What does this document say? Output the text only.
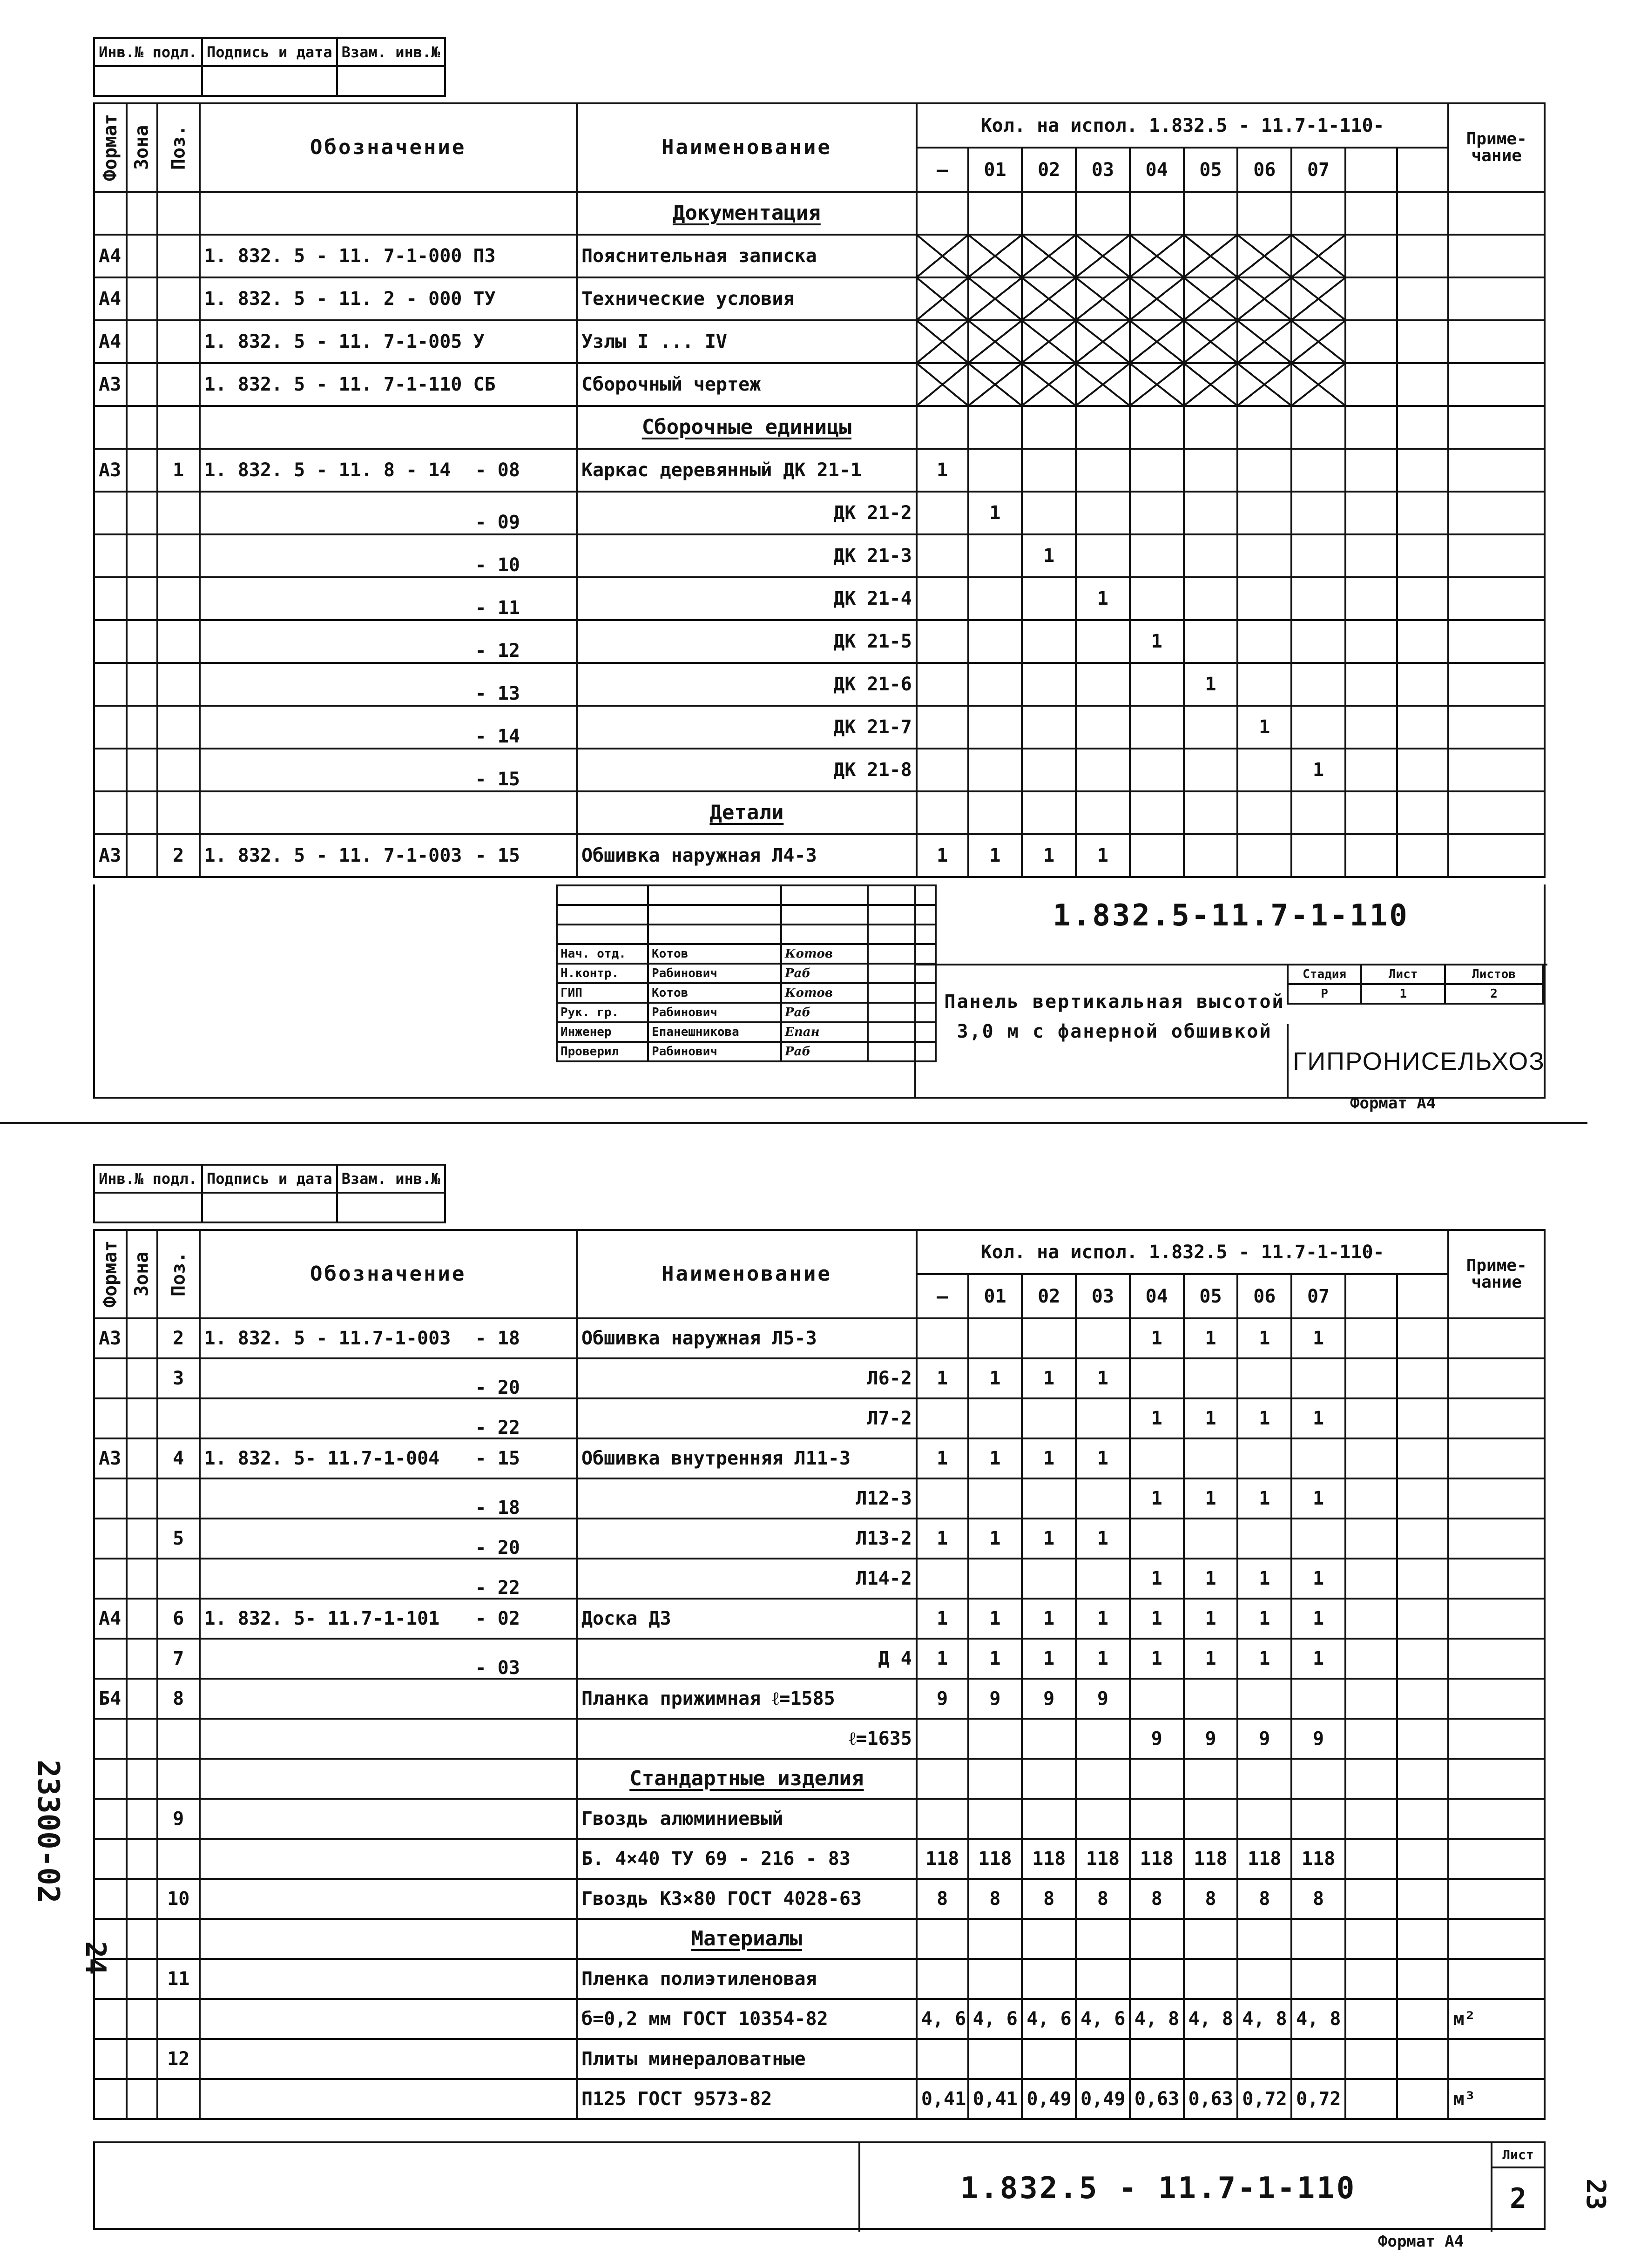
Инв.№ подл.	Подпись и дата	Взам. инв.№

Формат	Зона	Поз.	Обозначение	Наименование	Кол. на испол. 1.832.5 - 11.7-1-110-										Приме-чание
					—	01	02	03	04	05	06	07			
				Документация											
А4			1. 832. 5 - 11. 7-1-000 ПЗ	Пояснительная записка											
А4			1. 832. 5 - 11. 2 - 000 ТУ	Технические условия											
А4			1. 832. 5 - 11. 7-1-005 У	Узлы I ... IV											
А3			1. 832. 5 - 11. 7-1-110 СБ	Сборочный чертеж											
				Сборочные единицы											
А3		1	1. 832. 5 - 11. 8 - 14 - 08	Каркас деревянный ДК 21-1	1										

			- 09	ДК 21-2		1									

			- 10	ДК 21-3			1								

			- 11	ДК 21-4				1							

			- 12	ДК 21-5					1						

			- 13	ДК 21-6						1					

			- 14	ДК 21-7							1				

			- 15	ДК 21-8								1			
				Детали											
А3		2	1. 832. 5 - 11. 7-1-003 - 15	Обшивка наружная Л4-3	1	1	1	1							

Нач. отд.	Котов	Котов	
Н.контр.	Рабинович	Раб	
ГИП	Котов	Котов	
Рук. гр.	Рабинович	Раб	
Инженер	Епанешникова	Епан	
Проверил	Рабинович	Раб	
1.832.5-11.7-1-110
Панель вертикальная высотой 3,0 м с фанерной обшивкой
Стадия	Лист	Листов
Р	1	2
ГИПРОНИСЕЛЬХОЗ
Инв.№ подл.	Подпись и дата	Взам. инв.№

Формат	Зона	Поз.	Обозначение	Наименование	Кол. на испол. 1.832.5 - 11.7-1-110-										Приме-чание
					—	01	02	03	04	05	06	07			
А3		2	1. 832. 5 - 11.7-1-003 - 18	Обшивка наружная Л5-3					1	1	1	1			
		3	- 20	Л6-2	1	1	1	1							

			- 22	Л7-2					1	1	1	1			
А3		4	1. 832. 5- 11.7-1-004 - 15	Обшивка внутренняя Л11-3	1	1	1	1							

			- 18	Л12-3					1	1	1	1			
		5	- 20	Л13-2	1	1	1	1							

			- 22	Л14-2					1	1	1	1			
А4		6	1. 832. 5- 11.7-1-101 - 02	Доска Д3	1	1	1	1	1	1	1	1			
		7	- 03	Д 4	1	1	1	1	1	1	1	1			
Б4		8		Планка прижимная ℓ=1585	9	9	9	9							
				ℓ=1635					9	9	9	9			
				Стандартные изделия											
		9		Гвоздь алюминиевый											
				Б. 4×40 ТУ 69 - 216 - 83	118	118	118	118	118	118	118	118			
		10		Гвоздь К3×80 ГОСТ 4028-63	8	8	8	8	8	8	8	8			
				Материалы											
		11		Пленка полиэтиленовая											
				б=0,2 мм ГОСТ 10354-82	4, 6	4, 6	4, 6	4, 6	4, 8	4, 8	4, 8	4, 8			м²
		12		Плиты минераловатные											
				П125 ГОСТ 9573-82	0,41	0,41	0,49	0,49	0,63	0,63	0,72	0,72			м³
1.832.5 - 11.7-1-110
Лист
2
Формат А4
Формат А4
23300-02
24
23
